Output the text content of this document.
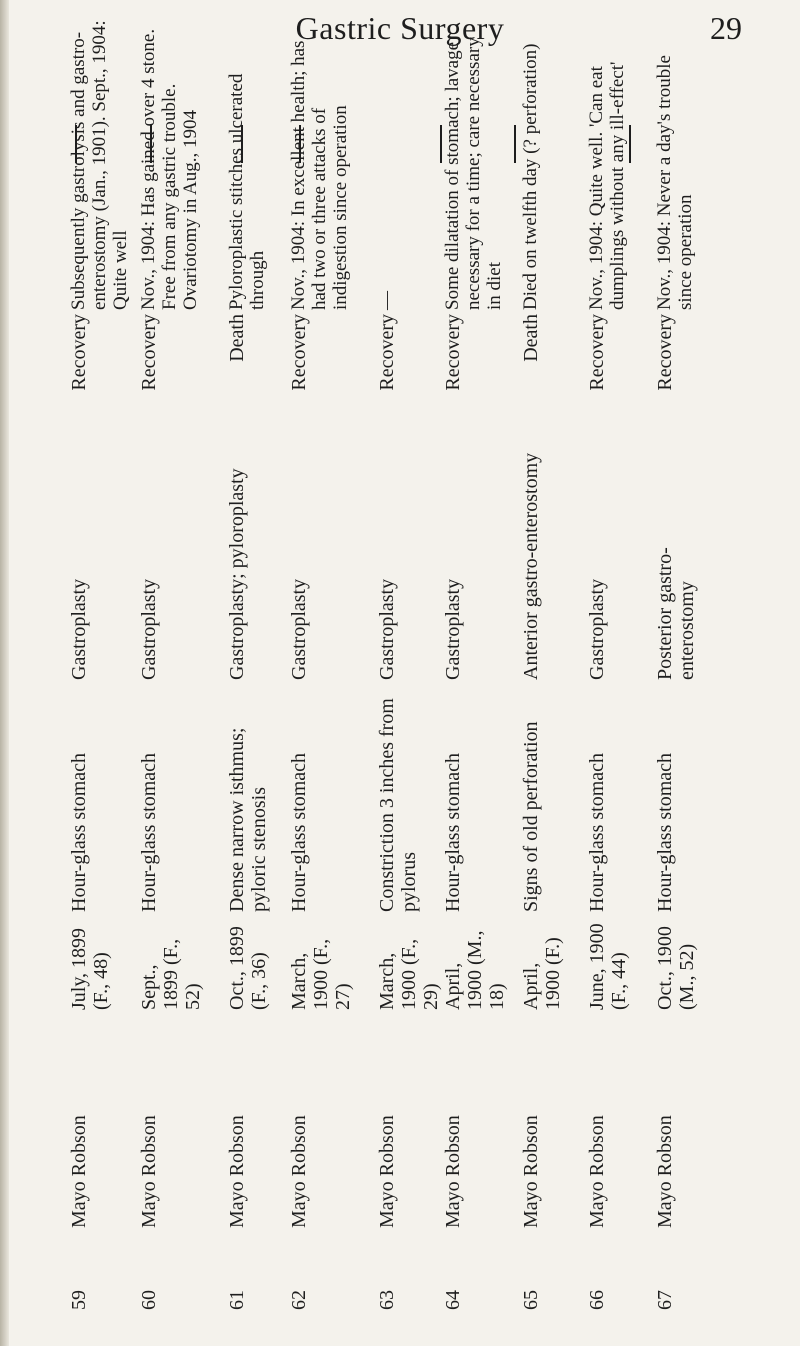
Gastric Surgery	29
59
Mayo Robson
July, 1899 (F., 48)
Hour-glass stomach
Gastroplasty
Recovery
Subsequently gastrolysis and gastro-enterostomy (Jan., 1901). Sept., 1904: Quite well
60
Mayo Robson
Sept., 1899 (F., 52)
Hour-glass stomach
Gastroplasty
Recovery
Nov., 1904: Has gained over 4 stone. Free from any gastric trouble. Ovariotomy in Aug., 1904
61
Mayo Robson
Oct., 1899 (F., 36)
Dense narrow isthmus; pyloric stenosis
Gastroplasty; pyloroplasty
Death
Pyloroplastic stitches ulcerated through
62
Mayo Robson
March, 1900 (F., 27)
Hour-glass stomach
Gastroplasty
Recovery
Nov., 1904: In excellent health; has had two or three attacks of indigestion since operation
63
Mayo Robson
March, 1900 (F., 29)
Constriction 3 inches from pylorus
Gastroplasty
Recovery
—
64
Mayo Robson
April, 1900 (M., 18)
Hour-glass stomach
Gastroplasty
Recovery
Some dilatation of stomach; lavage necessary for a time; care necessary in diet
65
Mayo Robson
April, 1900 (F.)
Signs of old perforation
Anterior gastro-enterostomy
Death
Died on twelfth day (? perforation)
66
Mayo Robson
June, 1900 (F., 44)
Hour-glass stomach
Gastroplasty
Recovery
Nov., 1904: Quite well. 'Can eat dumplings without any ill-effect'
67
Mayo Robson
Oct., 1900 (M., 52)
Hour-glass stomach
Posterior gastro-enterostomy
Recovery
Nov., 1904: Never a day's trouble since operation
